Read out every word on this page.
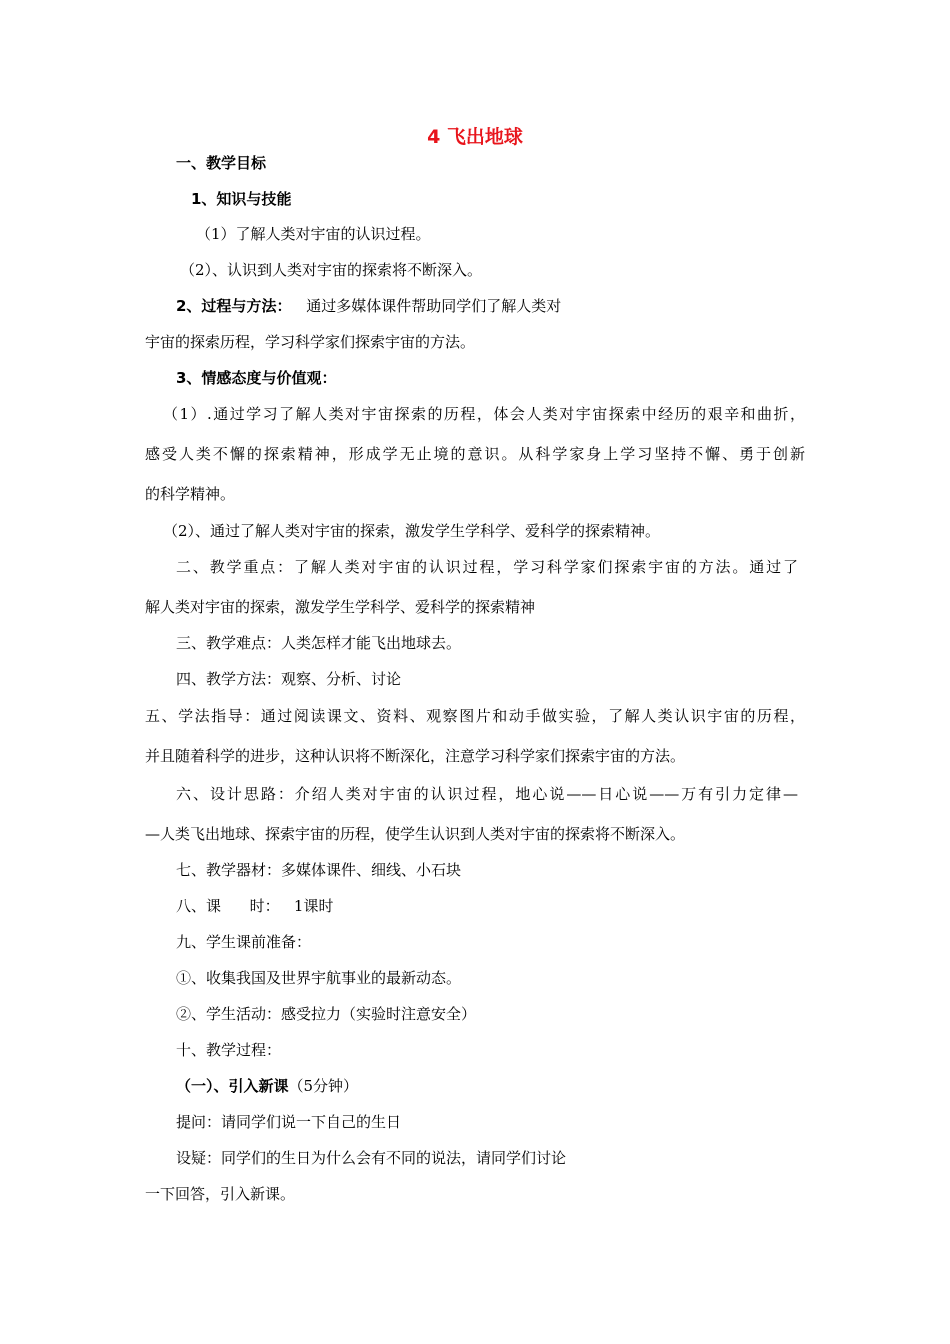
4 飞出地球
一、教学目标
1、知识与技能
（1）了解人类对宇宙的认识过程。
（2）、认识到人类对宇宙的探索将不断深入。
2、过程与方法： 通过多媒体课件帮助同学们了解人类对
宇宙的探索历程，学习科学家们探索宇宙的方法。
3、情感态度与价值观：
（1）.通过学习了解人类对宇宙探索的历程，体会人类对宇宙探索中经历的艰辛和曲折，
感受人类不懈的探索精神，形成学无止境的意识。从科学家身上学习坚持不懈、勇于创新
的科学精神。
（2）、通过了解人类对宇宙的探索，激发学生学科学、爱科学的探索精神。
二、教学重点：了解人类对宇宙的认识过程，学习科学家们探索宇宙的方法。通过了
解人类对宇宙的探索，激发学生学科学、爱科学的探索精神
三、教学难点：人类怎样才能飞出地球去。
四、教学方法：观察、分析、讨论
五、学法指导：通过阅读课文、资料、观察图片和动手做实验，了解人类认识宇宙的历程，
并且随着科学的进步，这种认识将不断深化，注意学习科学家们探索宇宙的方法。
六、设计思路：介绍人类对宇宙的认识过程，地心说——日心说——万有引力定律—
—人类飞出地球、探索宇宙的历程，使学生认识到人类对宇宙的探索将不断深入。
七、教学器材：多媒体课件、细线、小石块
八、课      时：   1课时
九、学生课前准备：
①、收集我国及世界宇航事业的最新动态。
②、学生活动：感受拉力（实验时注意安全）
十、教学过程：
（一）、引入新课（5分钟）
提问：请同学们说一下自己的生日
设疑：同学们的生日为什么会有不同的说法，请同学们讨论
一下回答，引入新课。
